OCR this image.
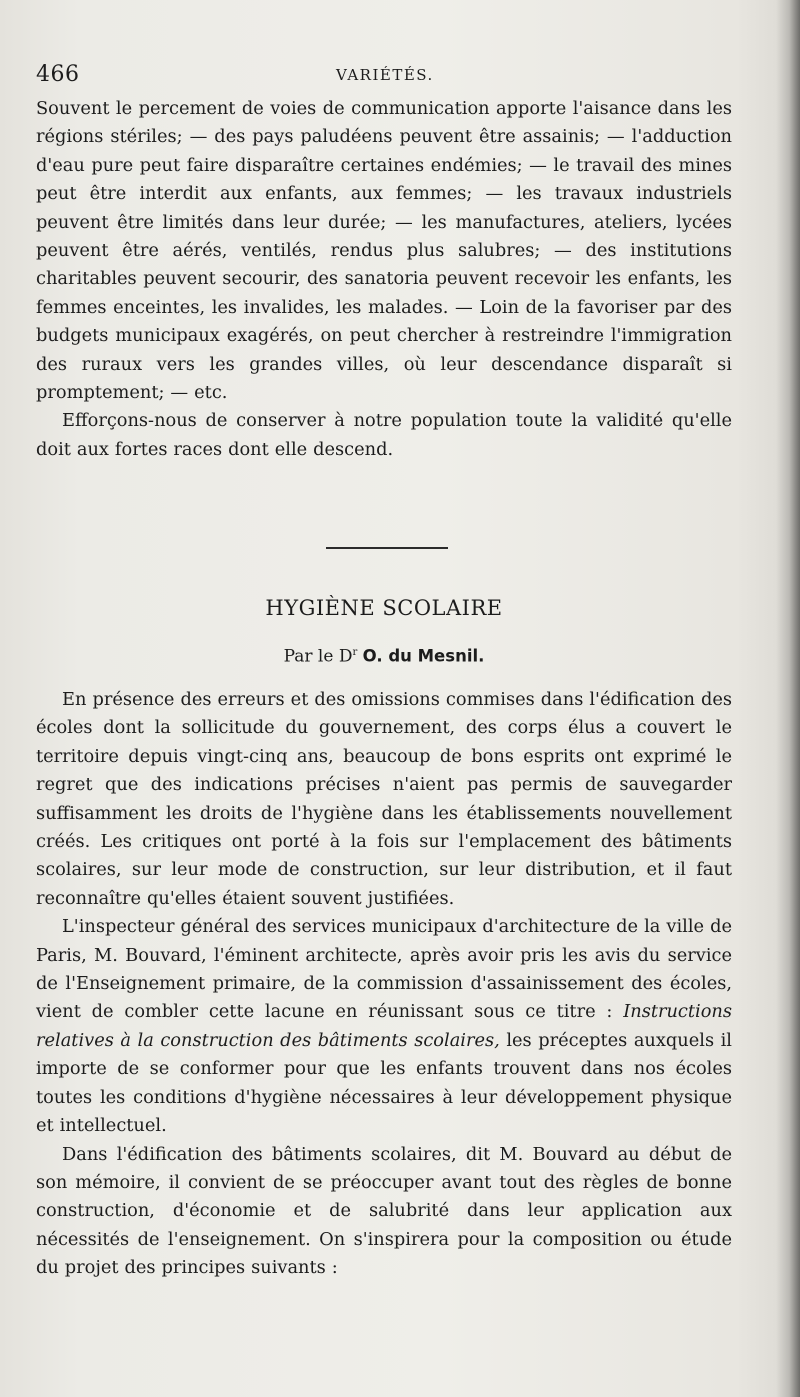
466	VARIÉTÉS.

Souvent le percement de voies de communication apporte l'aisance dans les régions stériles; — des pays paludéens peuvent être assainis; — l'adduction d'eau pure peut faire disparaître certaines endémies; — le travail des mines peut être interdit aux enfants, aux femmes; — les travaux industriels peuvent être limités dans leur durée; — les manufactures, ateliers, lycées peuvent être aérés, ventilés, rendus plus salubres; — des institutions charitables peuvent secourir, des sanatoria peuvent recevoir les enfants, les femmes enceintes, les invalides, les malades. — Loin de la favoriser par des budgets municipaux exagérés, on peut chercher à restreindre l'immigration des ruraux vers les grandes villes, où leur descendance disparaît si promptement; — etc.

Efforçons-nous de conserver à notre population toute la validité qu'elle doit aux fortes races dont elle descend.

HYGIÈNE SCOLAIRE
Par le $D^r$ O. du Mesnil.

En présence des erreurs et des omissions commises dans l'édification des écoles dont la sollicitude du gouvernement, des corps élus a couvert le territoire depuis vingt-cinq ans, beaucoup de bons esprits ont exprimé le regret que des indications précises n'aient pas permis de sauvegarder suffisamment les droits de l'hygiène dans les établissements nouvellement créés. Les critiques ont porté à la fois sur l'emplacement des bâtiments scolaires, sur leur mode de construction, sur leur distribution, et il faut reconnaître qu'elles étaient souvent justifiées.

L'inspecteur général des services municipaux d'architecture de la ville de Paris, M. Bouvard, l'éminent architecte, après avoir pris les avis du service de l'Enseignement primaire, de la commission d'assainissement des écoles, vient de combler cette lacune en réunissant sous ce titre : Instructions relatives à la construction des bâtiments scolaires, les préceptes auxquels il importe de se conformer pour que les enfants trouvent dans nos écoles toutes les conditions d'hygiène nécessaires à leur développement physique et intellectuel.

Dans l'édification des bâtiments scolaires, dit M. Bouvard au début de son mémoire, il convient de se préoccuper avant tout des règles de bonne construction, d'économie et de salubrité dans leur application aux nécessités de l'enseignement. On s'inspirera pour la composition ou étude du projet des principes suivants :
